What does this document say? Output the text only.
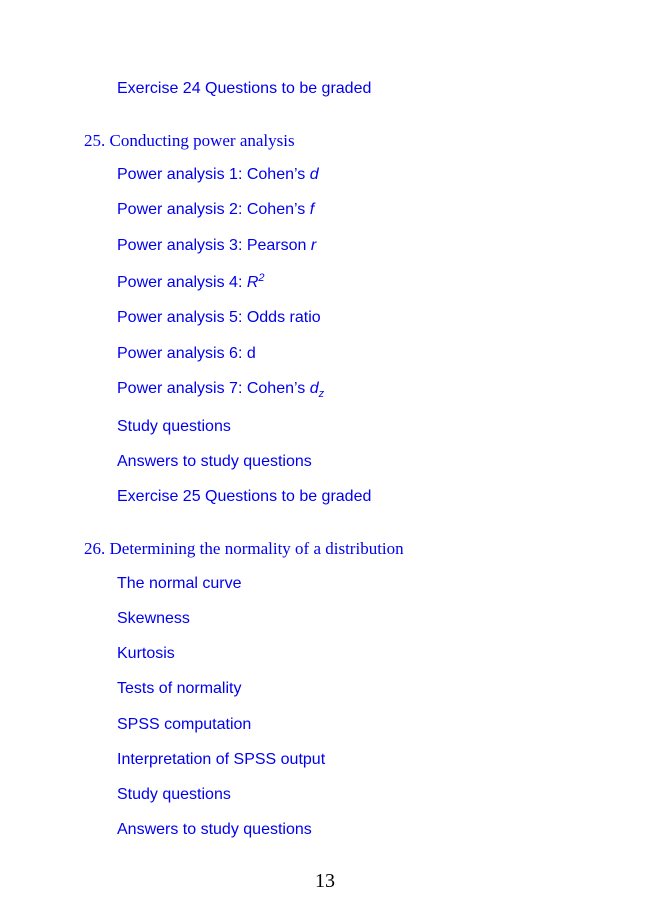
Exercise 24 Questions to be graded
25. Conducting power analysis
Power analysis 1: Cohen’s d
Power analysis 2: Cohen’s f
Power analysis 3: Pearson r
Power analysis 4: $R^2$
Power analysis 5: Odds ratio
Power analysis 6: d
Power analysis 7: Cohen’s $d_z$
Study questions
Answers to study questions
Exercise 25 Questions to be graded
26. Determining the normality of a distribution
The normal curve
Skewness
Kurtosis
Tests of normality
SPSS computation
Interpretation of SPSS output
Study questions
Answers to study questions
13
